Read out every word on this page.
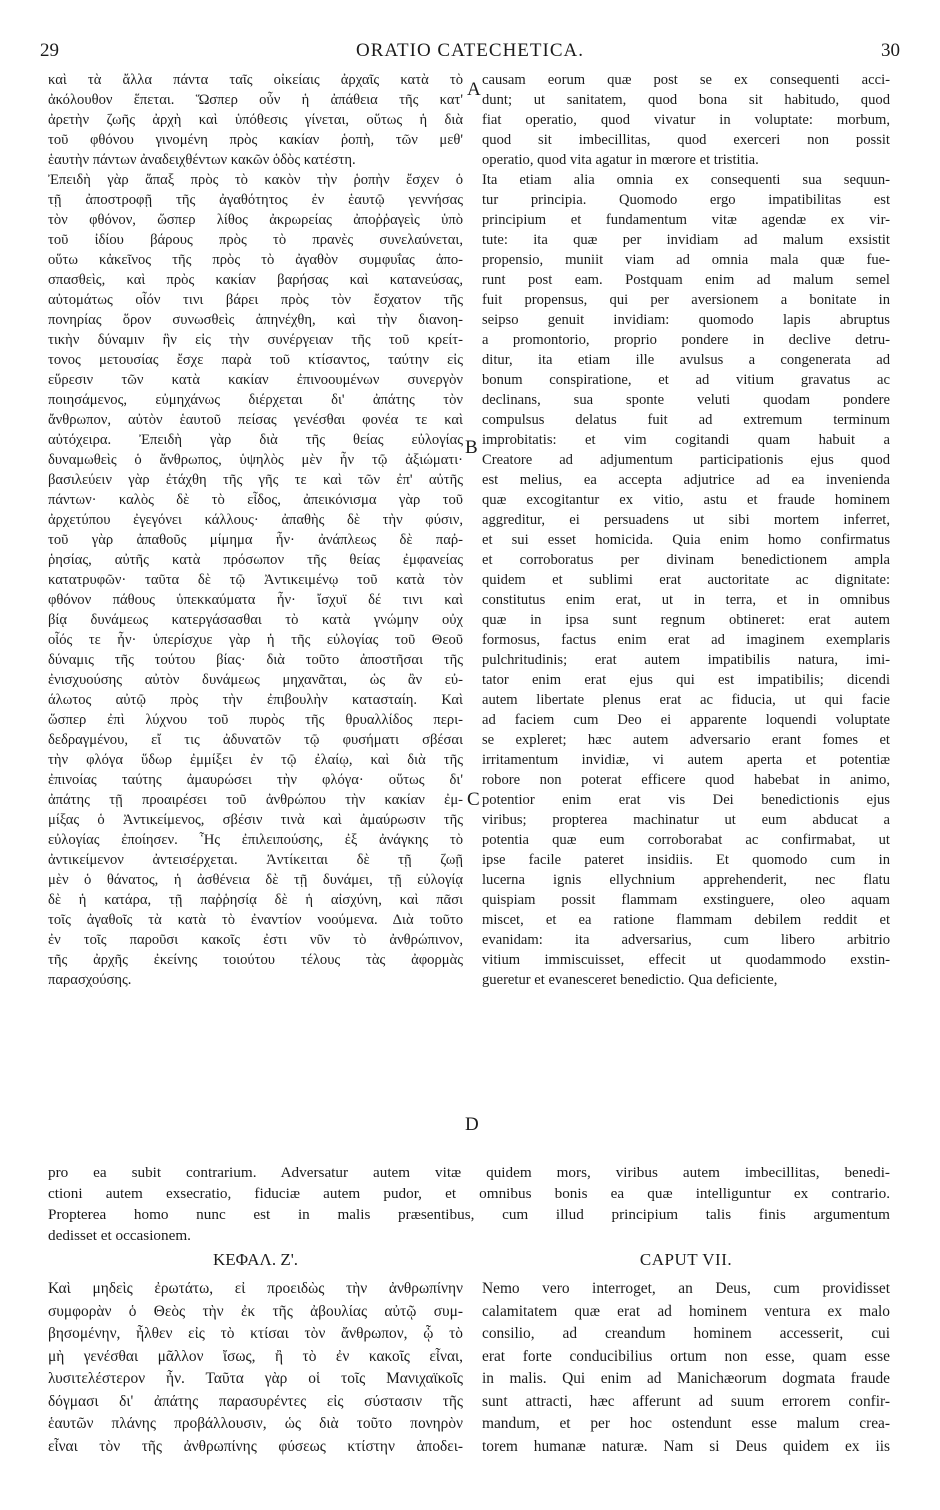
29	ORATIO CATECHETICA.	30
καὶ τὰ ἄλλα πάντα ταῖς οἰκείαις ἀρχαῖς κατὰ τὸ
ἀκόλουθον ἕπεται. Ὥσπερ οὖν ἡ ἀπάθεια τῆς κατ'
ἀρετὴν ζωῆς ἀρχὴ καὶ ὑπόθεσις γίνεται, οὕτως ἡ διὰ
τοῦ φθόνου γινομένη πρὸς κακίαν ῥοπὴ, τῶν μεθ'
ἑαυτὴν πάντων ἀναδειχθέντων κακῶν ὁδὸς κατέστη.
Ἐπειδὴ γὰρ ἅπαξ πρὸς τὸ κακὸν τὴν ῥοπὴν ἔσχεν ὁ
τῇ ἀποστροφῇ τῆς ἀγαθότητος ἐν ἑαυτῷ γεννήσας
τὸν φθόνον, ὥσπερ λίθος ἀκρωρείας ἀποῤῥαγεὶς ὑπὸ
τοῦ ἰδίου βάρους πρὸς τὸ πρανὲς συνελαύνεται,
οὕτω κἀκεῖνος τῆς πρὸς τὸ ἀγαθὸν συμφυΐας ἀπο-
σπασθεὶς, καὶ πρὸς κακίαν βαρήσας καὶ κατανεύσας,
αὐτομάτως οἷόν τινι βάρει πρὸς τὸν ἔσχατον τῆς
πονηρίας ὅρον συνωσθεὶς ἀπηνέχθη, καὶ τὴν διανοη-
τικὴν δύναμιν ἣν εἰς τὴν συνέργειαν τῆς τοῦ κρείτ-
τονος μετουσίας ἔσχε παρὰ τοῦ κτίσαντος, ταύτην εἰς
εὕρεσιν τῶν κατὰ κακίαν ἐπινοουμένων συνεργὸν
ποιησάμενος, εὐμηχάνως διέρχεται δι' ἀπάτης τὸν
ἄνθρωπον, αὐτὸν ἑαυτοῦ πείσας γενέσθαι φονέα τε καὶ
αὐτόχειρα. Ἐπειδὴ γὰρ διὰ τῆς θείας εὐλογίας
δυναμωθεὶς ὁ ἄνθρωπος, ὑψηλὸς μὲν ἦν τῷ ἀξιώματι·
βασιλεύειν γὰρ ἐτάχθη τῆς γῆς τε καὶ τῶν ἐπ' αὐτῆς
πάντων· καλὸς δὲ τὸ εἶδος, ἀπεικόνισμα γὰρ τοῦ
ἀρχετύπου ἐγεγόνει κάλλους· ἀπαθὴς δὲ τὴν φύσιν,
τοῦ γὰρ ἀπαθοῦς μίμημα ἦν· ἀνάπλεως δὲ παῤ-
ῥησίας, αὐτῆς κατὰ πρόσωπον τῆς θείας ἐμφανείας
κατατρυφῶν· ταῦτα δὲ τῷ Ἀντικειμένῳ τοῦ κατὰ τὸν
φθόνον πάθους ὑπεκκαύματα ἦν· ἴσχυϊ δέ τινι καὶ
βίᾳ δυνάμεως κατεργάσασθαι τὸ κατὰ γνώμην οὐχ
οἷός τε ἦν· ὑπερίσχυε γὰρ ἡ τῆς εὐλογίας τοῦ Θεοῦ
δύναμις τῆς τούτου βίας· διὰ τοῦτο ἀποστῆσαι τῆς
ἐνισχυούσης αὐτὸν δυνάμεως μηχανᾶται, ὡς ἂν εὐ-
άλωτος αὐτῷ πρὸς τὴν ἐπιβουλὴν κατασταίη. Καὶ
ὥσπερ ἐπὶ λύχνου τοῦ πυρὸς τῆς θρυαλλίδος περι-
δεδραγμένου, εἴ τις ἀδυνατῶν τῷ φυσήματι σβέσαι
τὴν φλόγα ὕδωρ ἐμμίξει ἐν τῷ ἐλαίῳ, καὶ διὰ τῆς
ἐπινοίας ταύτης ἀμαυρώσει τὴν φλόγα· οὕτως δι'
ἀπάτης τῇ προαιρέσει τοῦ ἀνθρώπου τὴν κακίαν ἐμ-
μίξας ὁ Ἀντικείμενος, σβέσιν τινὰ καὶ ἀμαύρωσιν τῆς
εὐλογίας ἐποίησεν. Ἧς ἐπιλειπούσης, ἐξ ἀνάγκης τὸ
ἀντικείμενον ἀντεισέρχεται. Ἀντίκειται δὲ τῇ ζωῇ
μὲν ὁ θάνατος, ἡ ἀσθένεια δὲ τῇ δυνάμει, τῇ εὐλογίᾳ
δὲ ἡ κατάρα, τῇ παῤῥησίᾳ δὲ ἡ αἰσχύνη, καὶ πᾶσι
τοῖς ἀγαθοῖς τὰ κατὰ τὸ ἐναντίον νοούμενα. Διὰ τοῦτο
ἐν τοῖς παροῦσι κακοῖς ἐστι νῦν τὸ ἀνθρώπινον,
τῆς ἀρχῆς ἐκείνης τοιούτου τέλους τὰς ἀφορμὰς
παρασχούσης.
causam eorum quæ post se ex consequenti acci-
dunt; ut sanitatem, quod bona sit habitudo, quod
fiat operatio, quod vivatur in voluptate: morbum,
quod sit imbecillitas, quod exerceri non possit
operatio, quod vita agatur in mœrore et tristitia.
Ita etiam alia omnia ex consequenti sua sequun-
tur principia. Quomodo ergo impatibilitas est
principium et fundamentum vitæ agendæ ex vir-
tute: ita quæ per invidiam ad malum exsistit
propensio, muniit viam ad omnia mala quæ fue-
runt post eam. Postquam enim ad malum semel
fuit propensus, qui per aversionem a bonitate in
seipso genuit invidiam: quomodo lapis abruptus
a promontorio, proprio pondere in declive detru-
ditur, ita etiam ille avulsus a congenerata ad
bonum conspiratione, et ad vitium gravatus ac
declinans, sua sponte veluti quodam pondere
compulsus delatus fuit ad extremum terminum
improbitatis: et vim cogitandi quam habuit a
Creatore ad adjumentum participationis ejus quod
est melius, ea accepta adjutrice ad ea invenienda
quæ excogitantur ex vitio, astu et fraude hominem
aggreditur, ei persuadens ut sibi mortem inferret,
et sui esset homicida. Quia enim homo confirmatus
et corroboratus per divinam benedictionem ampla
quidem et sublimi erat auctoritate ac dignitate:
constitutus enim erat, ut in terra, et in omnibus
quæ in ipsa sunt regnum obtineret: erat autem
formosus, factus enim erat ad imaginem exemplaris
pulchritudinis; erat autem impatibilis natura, imi-
tator enim erat ejus qui est impatibilis; dicendi
autem libertate plenus erat ac fiducia, ut qui facie
ad faciem cum Deo ei apparente loquendi voluptate
se expleret; hæc autem adversario erant fomes et
irritamentum invidiæ, vi autem aperta et potentiæ
robore non poterat efficere quod habebat in animo,
potentior enim erat vis Dei benedictionis ejus
viribus; propterea machinatur ut eum abducat a
potentia quæ eum corroborabat ac confirmabat, ut
ipse facile pateret insidiis. Et quomodo cum in
lucerna ignis ellychnium apprehenderit, nec flatu
quispiam possit flammam exstinguere, oleo aquam
miscet, et ea ratione flammam debilem reddit et
evanidam: ita adversarius, cum libero arbitrio
vitium immiscuisset, effecit ut quodammodo exstin-
gueretur et evanesceret benedictio. Qua deficiente,
A
B
C
D
pro ea subit contrarium. Adversatur autem vitæ quidem mors, viribus autem imbecillitas, benedi-
ctioni autem exsecratio, fiduciæ autem pudor, et omnibus bonis ea quæ intelliguntur ex contrario.
Propterea homo nunc est in malis præsentibus, cum illud principium talis finis argumentum
dedisset et occasionem.
ΚΕΦΑΛ. Ζ'.	CAPUT VII.
Καὶ μηδεὶς ἐρωτάτω, εἰ προειδὼς τὴν ἀνθρωπίνην
συμφορὰν ὁ Θεὸς τὴν ἐκ τῆς ἀβουλίας αὐτῷ συμ-
βησομένην, ἦλθεν εἰς τὸ κτίσαι τὸν ἄνθρωπον, ᾧ τὸ
μὴ γενέσθαι μᾶλλον ἴσως, ἢ τὸ ἐν κακοῖς εἶναι,
λυσιτελέστερον ἦν. Ταῦτα γὰρ οἱ τοῖς Μανιχαϊκοῖς
δόγμασι δι' ἀπάτης παρασυρέντες εἰς σύστασιν τῆς
ἑαυτῶν πλάνης προβάλλουσιν, ὡς διὰ τοῦτο πονηρὸν
εἶναι τὸν τῆς ἀνθρωπίνης φύσεως κτίστην ἀποδει-
Nemo vero interroget, an Deus, cum providisset
calamitatem quæ erat ad hominem ventura ex malo
consilio, ad creandum hominem accesserit, cui
erat forte conducibilius ortum non esse, quam esse
in malis. Qui enim ad Manichæorum dogmata fraude
sunt attracti, hæc afferunt ad suum errorem confir-
mandum, et per hoc ostendunt esse malum crea-
torem humanæ naturæ. Nam si Deus quidem ex iis
